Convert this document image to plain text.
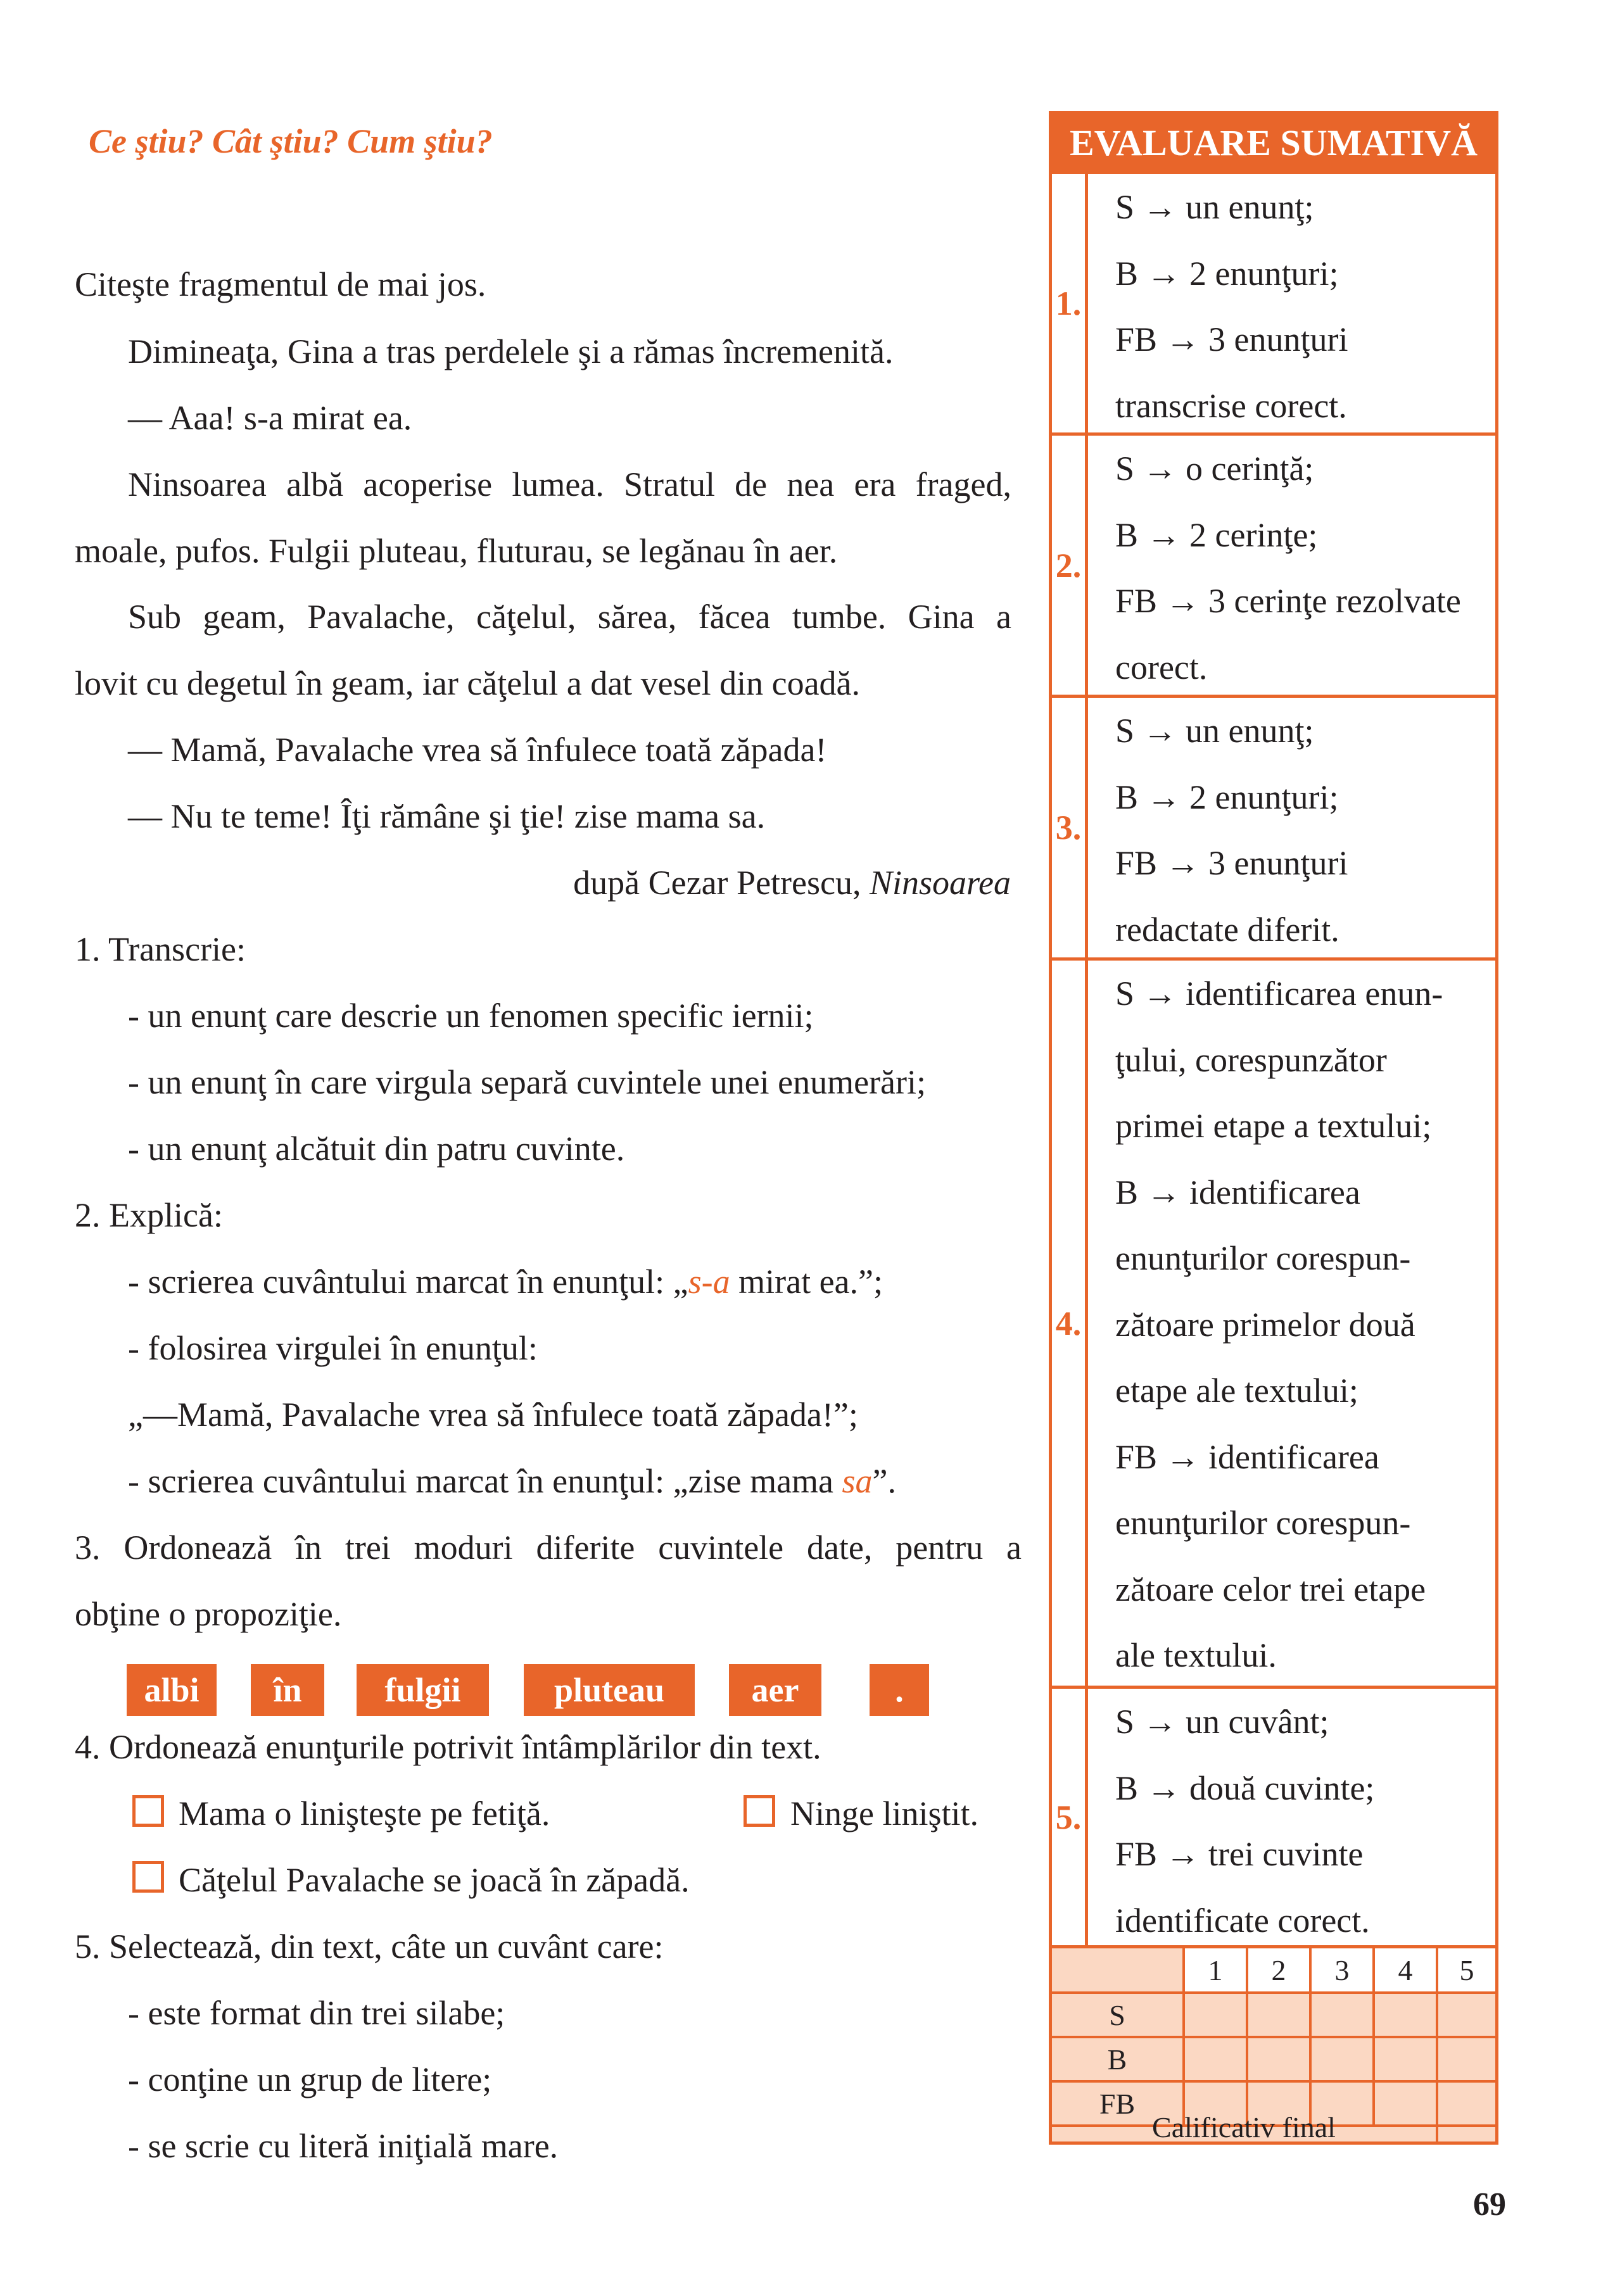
Ce ştiu? Cât ştiu? Cum ştiu?
Citeşte fragmentul de mai jos.
Dimineaţa, Gina a tras perdelele şi a rămas încremenită.
— Aaa! s-a mirat ea.
Ninsoarea albă acoperise lumea. Stratul de nea era fraged,
moale, pufos. Fulgii pluteau, fluturau, se legănau în aer.
Sub geam, Pavalache, căţelul, sărea, făcea tumbe. Gina a
lovit cu degetul în geam, iar căţelul a dat vesel din coadă.
— Mamă, Pavalache vrea să înfulece toată zăpada!
— Nu te teme! Îţi rămâne şi ţie! zise mama sa.
după Cezar Petrescu, Ninsoarea
1. Transcrie:
- un enunţ care descrie un fenomen specific iernii;
- un enunţ în care virgula separă cuvintele unei enumerări;
- un enunţ alcătuit din patru cuvinte.
2. Explică:
- scrierea cuvântului marcat în enunţul: „s-a mirat ea.”;
- folosirea virgulei în enunţul:
„—Mamă, Pavalache vrea să înfulece toată zăpada!”;
- scrierea cuvântului marcat în enunţul: „zise mama sa”.
3. Ordonează în trei moduri diferite cuvintele date, pentru a
obţine o propoziţie.
albi	în	fulgii	pluteau	aer	.
4. Ordonează enunţurile potrivit întâmplărilor din text.
Mama o linişteşte pe fetiţă.	Ninge liniştit.
Căţelul Pavalache se joacă în zăpadă.
5. Selectează, din text, câte un cuvânt care:
- este format din trei silabe;
- conţine un grup de litere;
- se scrie cu literă iniţială mare.
EVALUARE SUMATIVĂ
1.
S → un enunţ;
B → 2 enunţuri;
FB → 3 enunţuri
transcrise corect.
2.
S → o cerinţă;
B → 2 cerinţe;
FB → 3 cerinţe rezolvate
corect.
3.
S → un enunţ;
B → 2 enunţuri;
FB → 3 enunţuri
redactate diferit.
4.
S → identificarea enun-
ţului, corespunzător
primei etape a textului;
B → identificarea
enunţurilor corespun-
zătoare primelor două
etape ale textului;
FB → identificarea
enunţurilor corespun-
zătoare celor trei etape
ale textului.
5.
S → un cuvânt;
B → două cuvinte;
FB → trei cuvinte
identificate corect.
1	2	3	4	5
S
B
FB
Calificativ final
69
